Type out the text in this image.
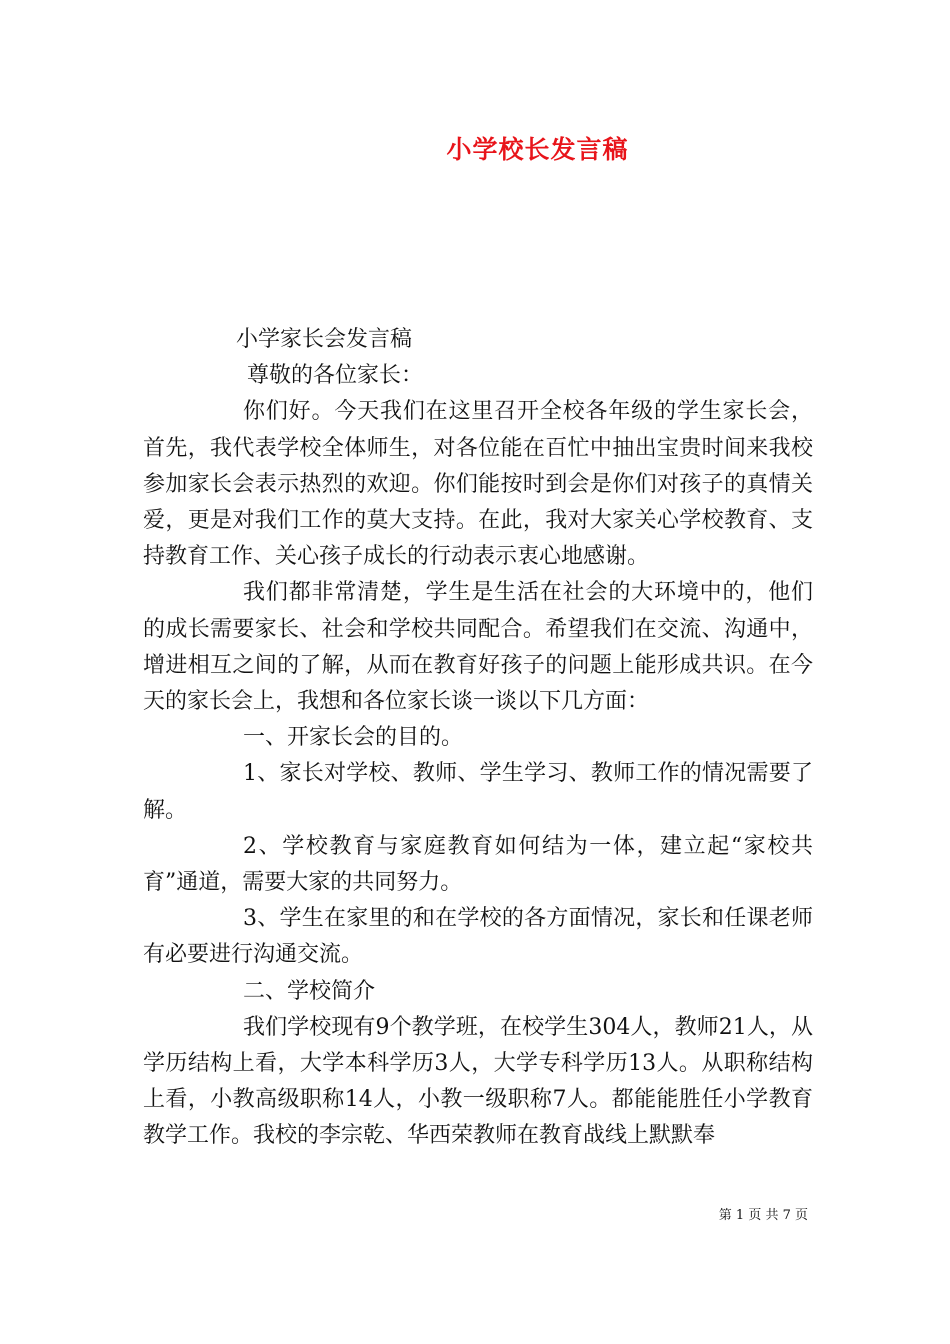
小学校长发言稿

小学家长会发言稿

尊敬的各位家长：

你们好。今天我们在这里召开全校各年级的学生家长会，首先，我代表学校全体师生，对各位能在百忙中抽出宝贵时间来我校参加家长会表示热烈的欢迎。你们能按时到会是你们对孩子的真情关爱，更是对我们工作的莫大支持。在此，我对大家关心学校教育、支持教育工作、关心孩子成长的行动表示衷心地感谢。

我们都非常清楚，学生是生活在社会的大环境中的，他们的成长需要家长、社会和学校共同配合。希望我们在交流、沟通中，增进相互之间的了解，从而在教育好孩子的问题上能形成共识。在今天的家长会上，我想和各位家长谈一谈以下几方面：

一、开家长会的目的。

1、家长对学校、教师、学生学习、教师工作的情况需要了解。

2、学校教育与家庭教育如何结为一体，建立起“家校共育”通道，需要大家的共同努力。

3、学生在家里的和在学校的各方面情况，家长和任课老师有必要进行沟通交流。

二、学校简介

我们学校现有9个教学班，在校学生304人，教师21人，从学历结构上看，大学本科学历3人，大学专科学历13人。从职称结构上看，小教高级职称14人，小教一级职称7人。都能能胜任小学教育教学工作。我校的李宗乾、华西荣教师在教育战线上默默奉

第 1 页 共 7 页
